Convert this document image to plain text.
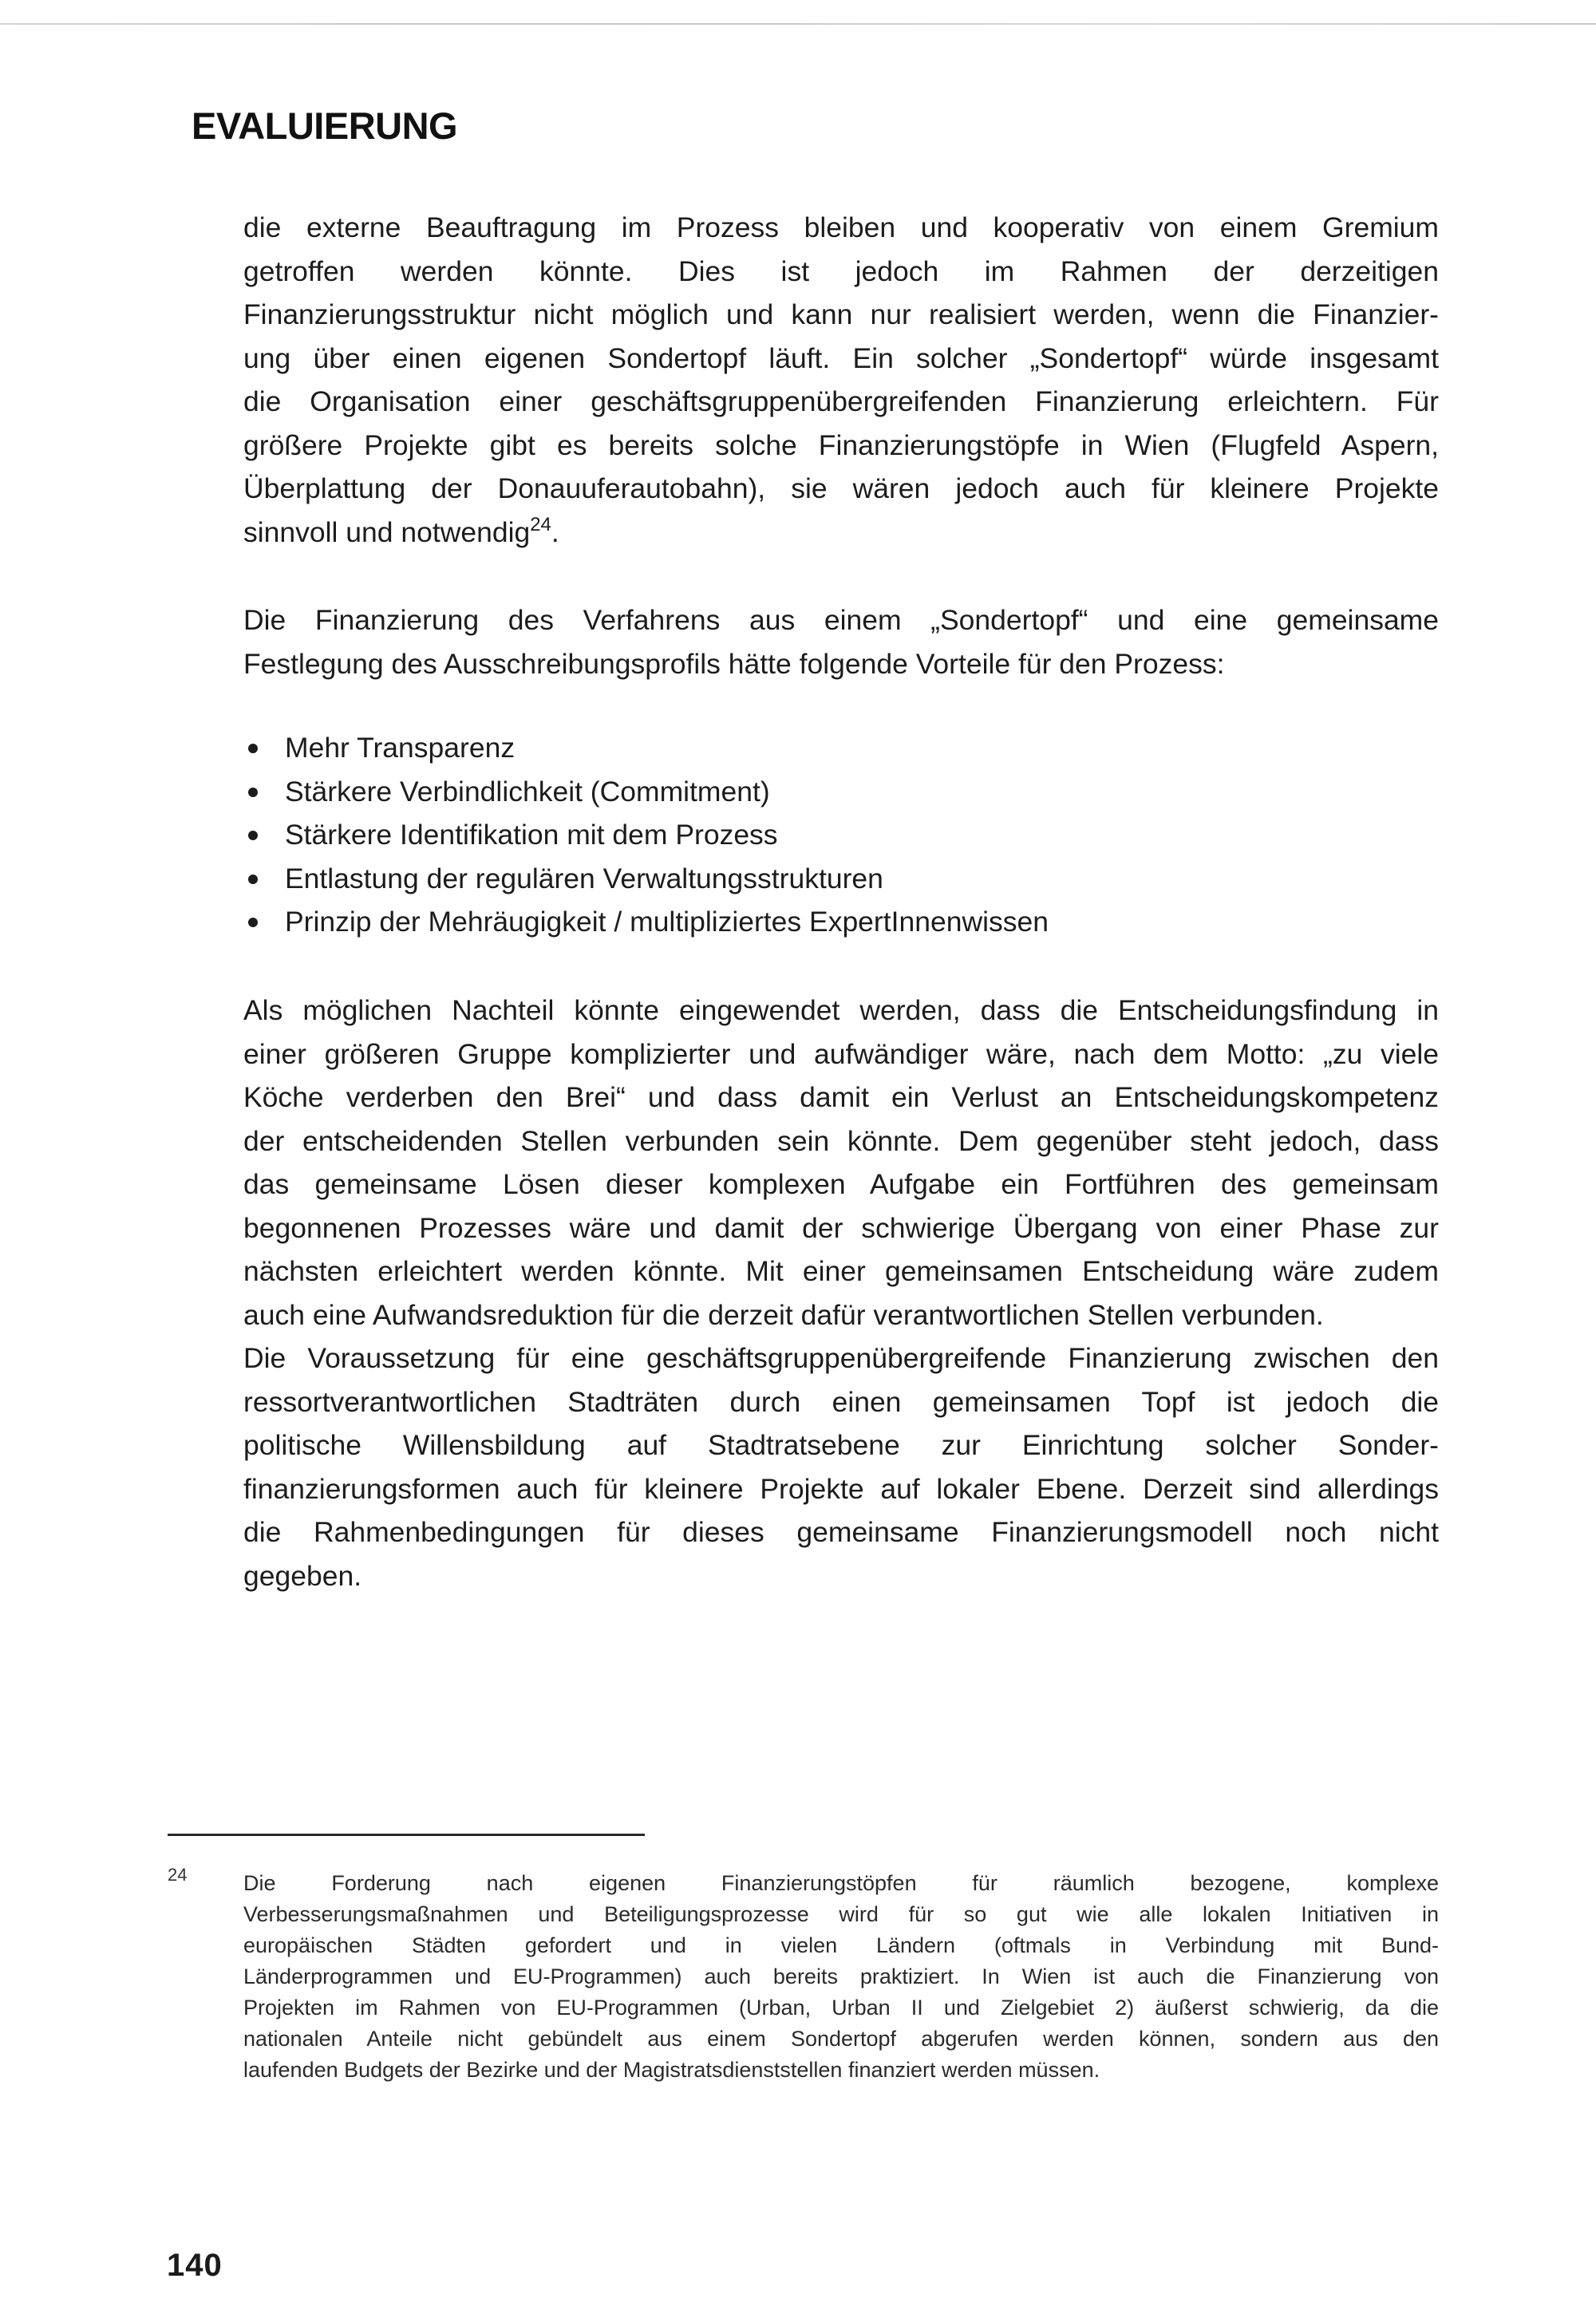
EVALUIERUNG
die externe Beauftragung im Prozess bleiben und kooperativ von einem Gremium
getroffen werden könnte. Dies ist jedoch im Rahmen der derzeitigen
Finanzierungsstruktur nicht möglich und kann nur realisiert werden, wenn die Finanzier-
ung über einen eigenen Sondertopf läuft. Ein solcher „Sondertopf“ würde insgesamt
die Organisation einer geschäftsgruppenübergreifenden Finanzierung erleichtern. Für
größere Projekte gibt es bereits solche Finanzierungstöpfe in Wien (Flugfeld Aspern,
Überplattung der Donauuferautobahn), sie wären jedoch auch für kleinere Projekte
sinnvoll und notwendig$^{24}$.
Die Finanzierung des Verfahrens aus einem „Sondertopf“ und eine gemeinsame
Festlegung des Ausschreibungsprofils hätte folgende Vorteile für den Prozess:
Mehr Transparenz
Stärkere Verbindlichkeit (Commitment)
Stärkere Identifikation mit dem Prozess
Entlastung der regulären Verwaltungsstrukturen
Prinzip der Mehräugigkeit / multipliziertes ExpertInnenwissen
Als möglichen Nachteil könnte eingewendet werden, dass die Entscheidungsfindung in
einer größeren Gruppe komplizierter und aufwändiger wäre, nach dem Motto: „zu viele
Köche verderben den Brei“ und dass damit ein Verlust an Entscheidungskompetenz
der entscheidenden Stellen verbunden sein könnte. Dem gegenüber steht jedoch, dass
das gemeinsame Lösen dieser komplexen Aufgabe ein Fortführen des gemeinsam
begonnenen Prozesses wäre und damit der schwierige Übergang von einer Phase zur
nächsten erleichtert werden könnte. Mit einer gemeinsamen Entscheidung wäre zudem
auch eine Aufwandsreduktion für die derzeit dafür verantwortlichen Stellen verbunden.
Die Voraussetzung für eine geschäftsgruppenübergreifende Finanzierung zwischen den
ressortverantwortlichen Stadträten durch einen gemeinsamen Topf ist jedoch die
politische Willensbildung auf Stadtratsebene zur Einrichtung solcher Sonder-
finanzierungsformen auch für kleinere Projekte auf lokaler Ebene. Derzeit sind allerdings
die Rahmenbedingungen für dieses gemeinsame Finanzierungsmodell noch nicht
gegeben.
24	Die Forderung nach eigenen Finanzierungstöpfen für räumlich bezogene, komplexe
Verbesserungsmaßnahmen und Beteiligungsprozesse wird für so gut wie alle lokalen Initiativen in
europäischen Städten gefordert und in vielen Ländern (oftmals in Verbindung mit Bund-
Länderprogrammen und EU-Programmen) auch bereits praktiziert. In Wien ist auch die Finanzierung von
Projekten im Rahmen von EU-Programmen (Urban, Urban II und Zielgebiet 2) äußerst schwierig, da die
nationalen Anteile nicht gebündelt aus einem Sondertopf abgerufen werden können, sondern aus den
laufenden Budgets der Bezirke und der Magistratsdienststellen finanziert werden müssen.
140
